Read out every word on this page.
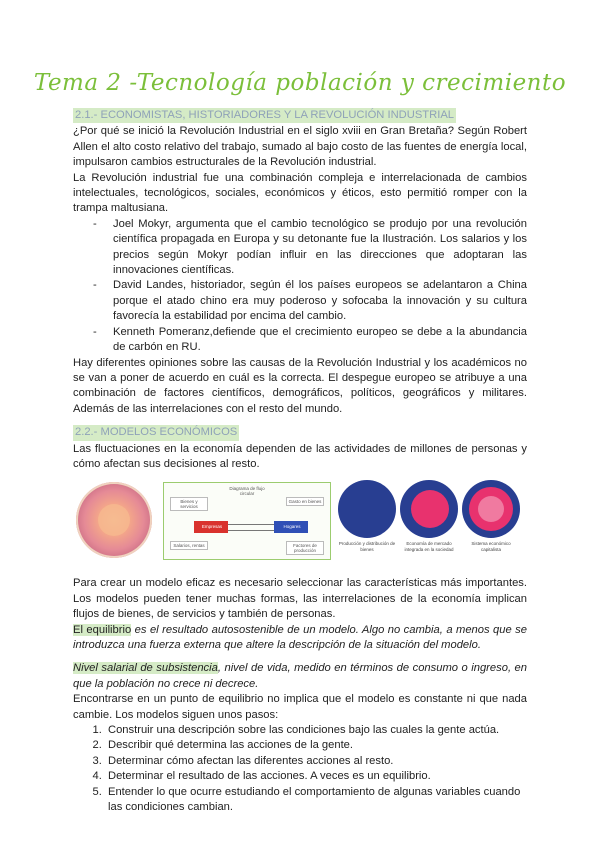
Tema 2 -Tecnología población y crecimiento
2.1.- ECONOMISTAS, HISTORIADORES Y LA REVOLUCIÓN INDUSTRIAL

¿Por qué se inició la Revolución Industrial en el siglo xviii en Gran Bretaña? Según Robert Allen el alto costo relativo del trabajo, sumado al bajo costo de las fuentes de energía local, impulsaron cambios estructurales de la Revolución industrial.

La Revolución industrial fue una combinación compleja e interrelacionada de cambios intelectuales, tecnológicos, sociales, económicos y éticos, esto permitió romper con la trampa maltusiana.

- Joel Mokyr, argumenta que el cambio tecnológico se produjo por una revolución científica propagada en Europa y su detonante fue la Ilustración. Los salarios y los precios según Mokyr podían influir en las direcciones que adoptaran las innovaciones científicas.
- David Landes, historiador, según él los países europeos se adelantaron a China porque el atado chino era muy poderoso y sofocaba la innovación y su cultura favorecía la estabilidad por encima del cambio.
- Kenneth Pomeranz,defiende que el crecimiento europeo se debe a la abundancia de carbón en RU.

Hay diferentes opiniones sobre las causas de la Revolución Industrial y los académicos no se van a poner de acuerdo en cuál es la correcta. El despegue europeo se atribuye a una combinación de factores científicos, demográficos, políticos, geográficos y militares. Además de las interrelaciones con el resto del mundo.

2.2.- MODELOS ECONÓMICOS

Las fluctuaciones en la economía dependen de las actividades de millones de personas y cómo afectan sus decisiones al resto.

Diagrama de flujo circular
Bienes y servicios
Gasto en bienes
Salarios, rentas	Factores de producción
Empresas	Hogares
Producción y distribución de bienes
Economía de mercado integrada en la sociedad
Sistema económico capitalista

Para crear un modelo eficaz es necesario seleccionar las características más importantes. Los modelos pueden tener muchas formas, las interrelaciones de la economía implican flujos de bienes, de servicios y también de personas.

El equilibrio es el resultado autosostenible de un modelo. Algo no cambia, a menos que se introduzca una fuerza externa que altere la descripción de la situación del modelo.

Nivel salarial de subsistencia, nivel de vida, medido en términos de consumo o ingreso, en que la población no crece ni decrece.

Encontrarse en un punto de equilibrio no implica que el modelo es constante ni que nada cambie. Los modelos siguen unos pasos:

1. Construir una descripción sobre las condiciones bajo las cuales la gente actúa.
2. Describir qué determina las acciones de la gente.
3. Determinar cómo afectan las diferentes acciones al resto.
4. Determinar el resultado de las acciones. A veces es un equilibrio.
5. Entender lo que ocurre estudiando el comportamiento de algunas variables cuando las condiciones cambian.
